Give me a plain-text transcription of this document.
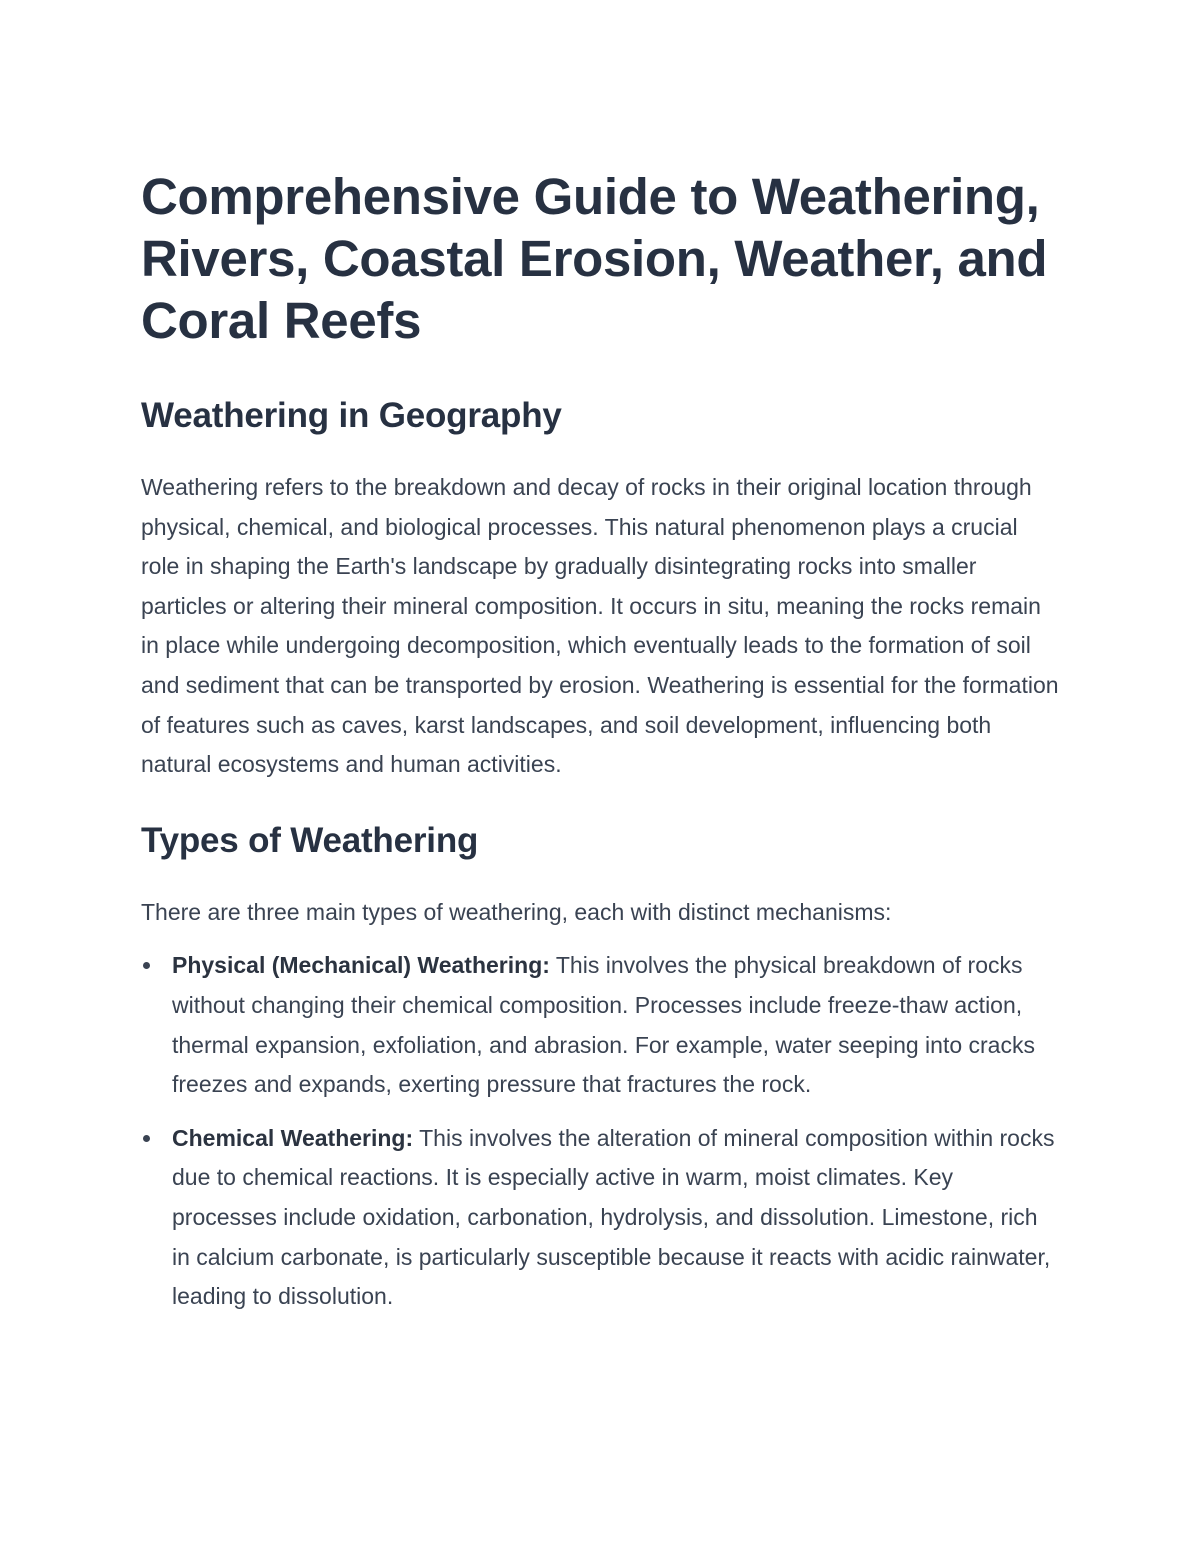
Comprehensive Guide to Weathering, Rivers, Coastal Erosion, Weather, and Coral Reefs
Weathering in Geography

Weathering refers to the breakdown and decay of rocks in their original location through physical, chemical, and biological processes. This natural phenomenon plays a crucial role in shaping the Earth's landscape by gradually disintegrating rocks into smaller particles or altering their mineral composition. It occurs in situ, meaning the rocks remain in place while undergoing decomposition, which eventually leads to the formation of soil and sediment that can be transported by erosion. Weathering is essential for the formation of features such as caves, karst landscapes, and soil development, influencing both natural ecosystems and human activities.

Types of Weathering

There are three main types of weathering, each with distinct mechanisms:

Physical (Mechanical) Weathering: This involves the physical breakdown of rocks without changing their chemical composition. Processes include freeze-thaw action, thermal expansion, exfoliation, and abrasion. For example, water seeping into cracks freezes and expands, exerting pressure that fractures the rock.
Chemical Weathering: This involves the alteration of mineral composition within rocks due to chemical reactions. It is especially active in warm, moist climates. Key processes include oxidation, carbonation, hydrolysis, and dissolution. Limestone, rich in calcium carbonate, is particularly susceptible because it reacts with acidic rainwater, leading to dissolution.
